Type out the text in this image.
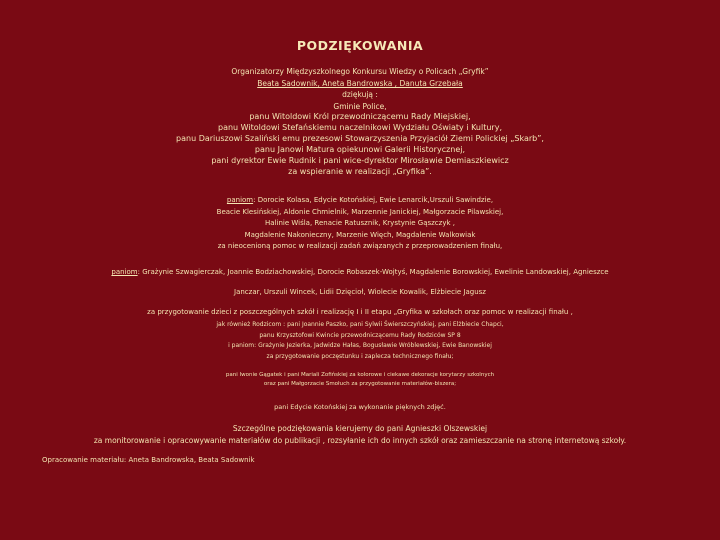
PODZIĘKOWANIA
Organizatorzy Międzyszkolnego Konkursu Wiedzy o Policach „Gryfik”
Beata Sadownik, Aneta Bandrowska , Danuta Grzebała
dziękują :
Gminie Police,
panu Witoldowi Król przewodniczącemu Rady Miejskiej,
panu Witoldowi Stefańskiemu naczelnikowi Wydziału Oświaty i Kultury,
panu Dariuszowi Szaliński emu prezesowi Stowarzyszenia Przyjaciół Ziemi Polickiej „Skarb”,
panu Janowi Matura opiekunowi Galerii Historycznej,
pani dyrektor Ewie Rudnik i pani wice-dyrektor Mirosławie Demiaszkiewicz
za wspieranie w realizacji „Gryfika”.
paniom: Dorocie Kolasa, Edycie Kotońskiej, Ewie Lenarcik,Urszuli Sawindzie,
Beacie Klesińskiej, Aldonie Chmielnik, Marzennie Janickiej, Małgorzacie Pilawskiej,
Halinie Wiśla, Renacie Ratusznik, Krystynie Gąszczyk ,
Magdalenie Nakonieczny, Marzenie Więch, Magdalenie Walkowiak
za nieocenioną pomoc w realizacji zadań związanych z przeprowadzeniem finału,
paniom: Grażynie Szwagierczak, Joannie Bodziachowskiej, Dorocie Robaszek-Wojtyś, Magdalenie Borowskiej, Ewelinie Landowskiej, Agnieszce
Janczar, Urszuli Wincek, Lidii Dzięcioł, Wiolecie Kowalik, Elżbiecie Jagusz
za przygotowanie dzieci z poszczególnych szkół i realizację I i II etapu „Gryfika w szkołach oraz pomoc w realizacji finału ,
jak również Rodzicom : pani Joannie Paszko, pani Sylwii Świerszczyńskiej, pani Elżbiecie Chapci,
panu Krzysztofowi Kwincie przewodniczącemu Rady Rodziców SP 8
i paniom: Grażynie Jezierka, Jadwidze Hałas, Bogusławie Wróblewskiej, Ewie Banowskiej
za przygotowanie poczęstunku i zaplecza technicznego finału;
pani Iwonie Gągatek i pani Mariali Zofińskiej za kolorowe i ciekawe dekoracje korytarzy szkolnych
oraz pani Małgorzacie Smołuch za przygotowanie materiałów-biszera;
pani Edycie Kotońskiej za wykonanie pięknych zdjęć.
Szczególne podziękowania kierujemy do pani Agnieszki Olszewskiej
za monitorowanie i opracowywanie materiałów do publikacji , rozsyłanie ich do innych szkół oraz zamieszczanie na stronę internetową szkoły.
Opracowanie materiału: Aneta Bandrowska, Beata Sadownik
